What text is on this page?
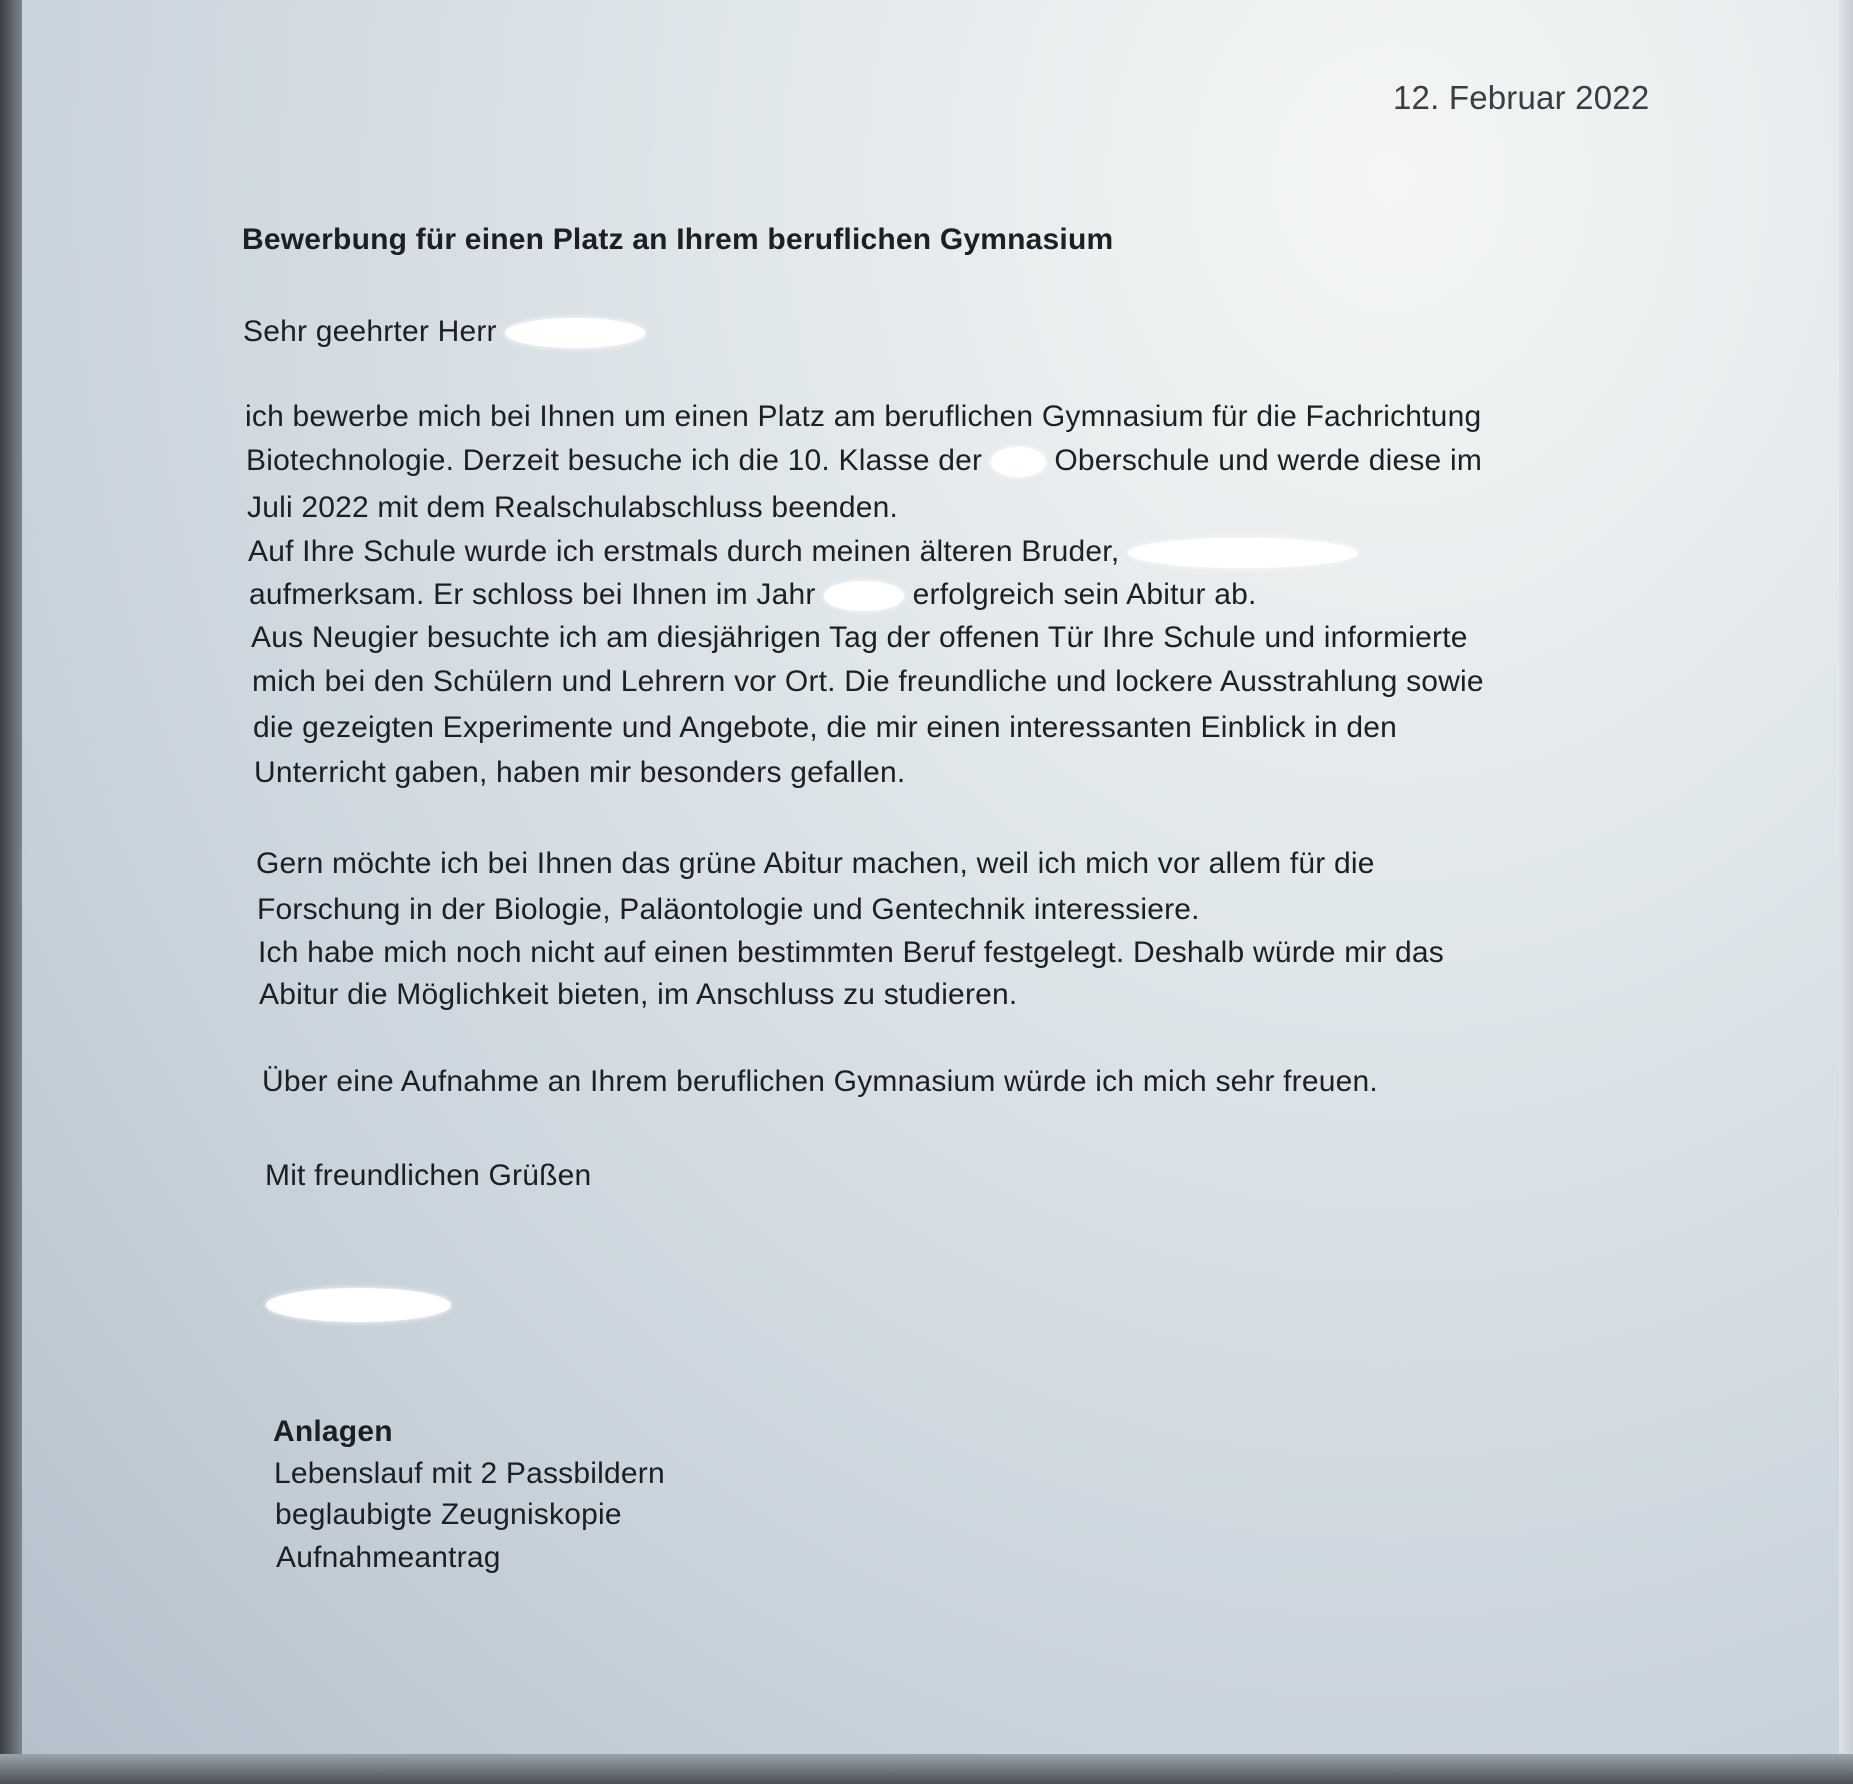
12. Februar 2022
Bewerbung für einen Platz an Ihrem beruflichen Gymnasium
Sehr geehrter Herr
ich bewerbe mich bei Ihnen um einen Platz am beruflichen Gymnasium für die Fachrichtung
Biotechnologie. Derzeit besuche ich die 10. Klasse der Oberschule und werde diese im
Juli 2022 mit dem Realschulabschluss beenden.
Auf Ihre Schule wurde ich erstmals durch meinen älteren Bruder,
aufmerksam. Er schloss bei Ihnen im Jahr	erfolgreich sein Abitur ab.
Aus Neugier besuchte ich am diesjährigen Tag der offenen Tür Ihre Schule und informierte
mich bei den Schülern und Lehrern vor Ort. Die freundliche und lockere Ausstrahlung sowie
die gezeigten Experimente und Angebote, die mir einen interessanten Einblick in den
Unterricht gaben, haben mir besonders gefallen.
Gern möchte ich bei Ihnen das grüne Abitur machen, weil ich mich vor allem für die
Forschung in der Biologie, Paläontologie und Gentechnik interessiere.
Ich habe mich noch nicht auf einen bestimmten Beruf festgelegt. Deshalb würde mir das
Abitur die Möglichkeit bieten, im Anschluss zu studieren.
Über eine Aufnahme an Ihrem beruflichen Gymnasium würde ich mich sehr freuen.
Mit freundlichen Grüßen
Anlagen
Lebenslauf mit 2 Passbildern
beglaubigte Zeugniskopie
Aufnahmeantrag
